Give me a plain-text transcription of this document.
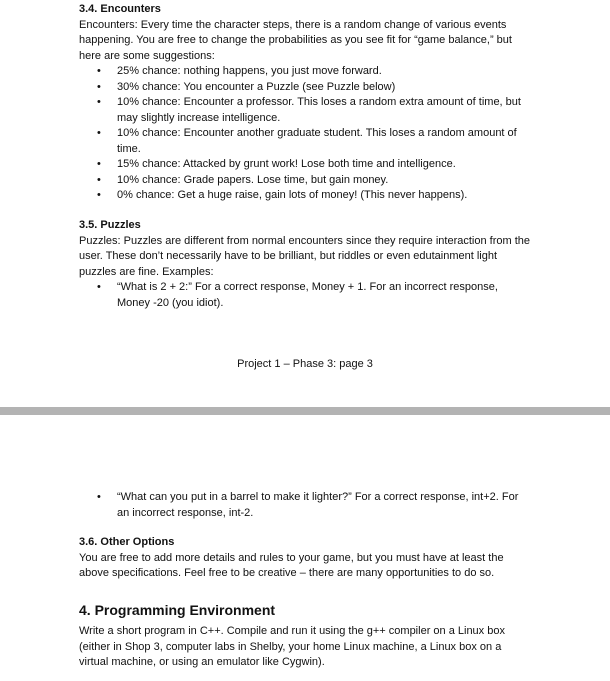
3.4. Encounters

Encounters: Every time the character steps, there is a random change of various events happening. You are free to change the probabilities as you see fit for “game balance,” but here are some suggestions:

• 25% chance: nothing happens, you just move forward.
• 30% chance: You encounter a Puzzle (see Puzzle below)
• 10% chance: Encounter a professor. This loses a random extra amount of time, but may slightly increase intelligence.
• 10% chance: Encounter another graduate student. This loses a random amount of time.
• 15% chance: Attacked by grunt work! Lose both time and intelligence.
• 10% chance: Grade papers. Lose time, but gain money.
• 0% chance: Get a huge raise, gain lots of money! (This never happens).
3.5. Puzzles

Puzzles: Puzzles are different from normal encounters since they require interaction from the user. These don’t necessarily have to be brilliant, but riddles or even edutainment light puzzles are fine. Examples:

• “What is 2 + 2:” For a correct response, Money + 1. For an incorrect response, Money -20 (you idiot).
Project 1 – Phase 3: page 3
• “What can you put in a barrel to make it lighter?” For a correct response, int+2. For an incorrect response, int-2.
3.6. Other Options

You are free to add more details and rules to your game, but you must have at least the above specifications. Feel free to be creative – there are many opportunities to do so.

4. Programming Environment

Write a short program in C++. Compile and run it using the g++ compiler on a Linux box (either in Shop 3, computer labs in Shelby, your home Linux machine, a Linux box on a virtual machine, or using an emulator like Cygwin).
